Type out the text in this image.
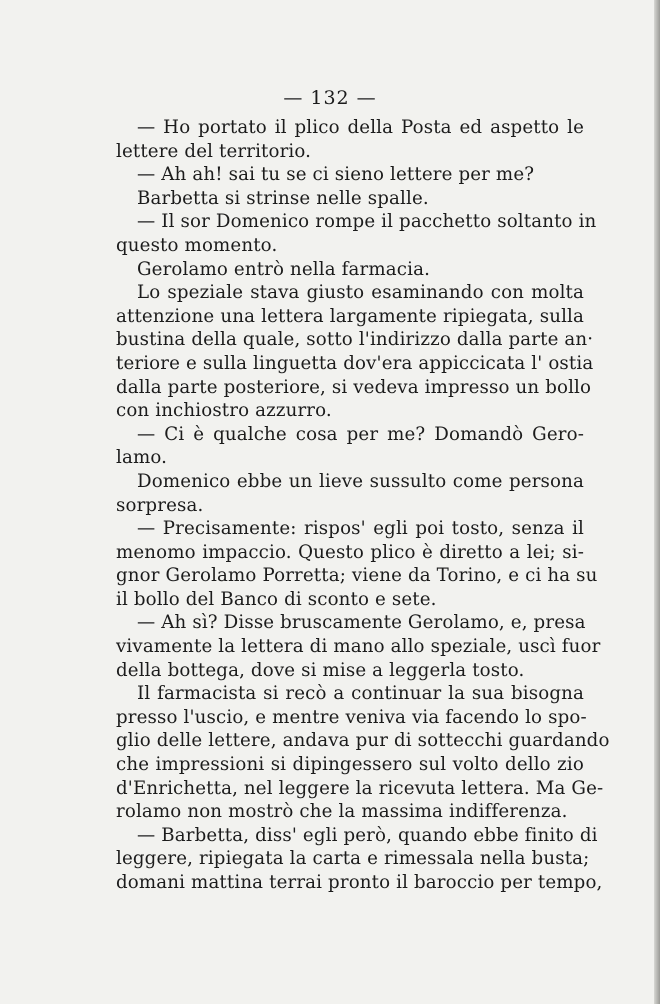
— 132 —
— Ho portato il plico della Posta ed aspetto le
lettere del territorio.
— Ah ah! sai tu se ci sieno lettere per me?
Barbetta si strinse nelle spalle.
— Il sor Domenico rompe il pacchetto soltanto in
questo momento.
Gerolamo entrò nella farmacia.
Lo speziale stava giusto esaminando con molta
attenzione una lettera largamente ripiegata, sulla
bustina della quale, sotto l'indirizzo dalla parte an·
teriore e sulla linguetta dov'era appiccicata l' ostia
dalla parte posteriore, si vedeva impresso un bollo
con inchiostro azzurro.
— Ci è qualche cosa per me? Domandò Gero-
lamo.
Domenico ebbe un lieve sussulto come persona
sorpresa.
— Precisamente: rispos' egli poi tosto, senza il
menomo impaccio. Questo plico è diretto a lei; si-
gnor Gerolamo Porretta; viene da Torino, e ci ha su
il bollo del Banco di sconto e sete.
— Ah sì? Disse bruscamente Gerolamo, e, presa
vivamente la lettera di mano allo speziale, uscì fuor
della bottega, dove si mise a leggerla tosto.
Il farmacista si recò a continuar la sua bisogna
presso l'uscio, e mentre veniva via facendo lo spo-
glio delle lettere, andava pur di sottecchi guardando
che impressioni si dipingessero sul volto dello zio
d'Enrichetta, nel leggere la ricevuta lettera. Ma Ge-
rolamo non mostrò che la massima indifferenza.
— Barbetta, diss' egli però, quando ebbe finito di
leggere, ripiegata la carta e rimessala nella busta;
domani mattina terrai pronto il baroccio per tempo,
